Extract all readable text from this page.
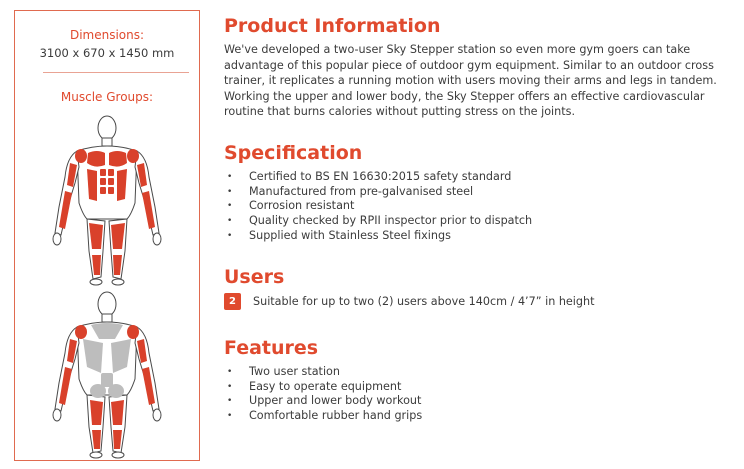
Dimensions:
3100 x 670 x 1450 mm
Muscle Groups:
Product Information
We've developed a two-user Sky Stepper station so even more gym goers can take advantage of this popular piece of outdoor gym equipment. Similar to an outdoor cross trainer, it replicates a running motion with users moving their arms and legs in tandem. Working the upper and lower body, the Sky Stepper offers an effective cardiovascular routine that burns calories without putting stress on the joints.
Specification
• Certified to BS EN 16630:2015 safety standard
• Manufactured from pre-galvanised steel
• Corrosion resistant
• Quality checked by RPII inspector prior to dispatch
• Supplied with Stainless Steel fixings
Users
2	Suitable for up to two (2) users above 140cm / 4’7” in height
Features
• Two user station
• Easy to operate equipment
• Upper and lower body workout
• Comfortable rubber hand grips
